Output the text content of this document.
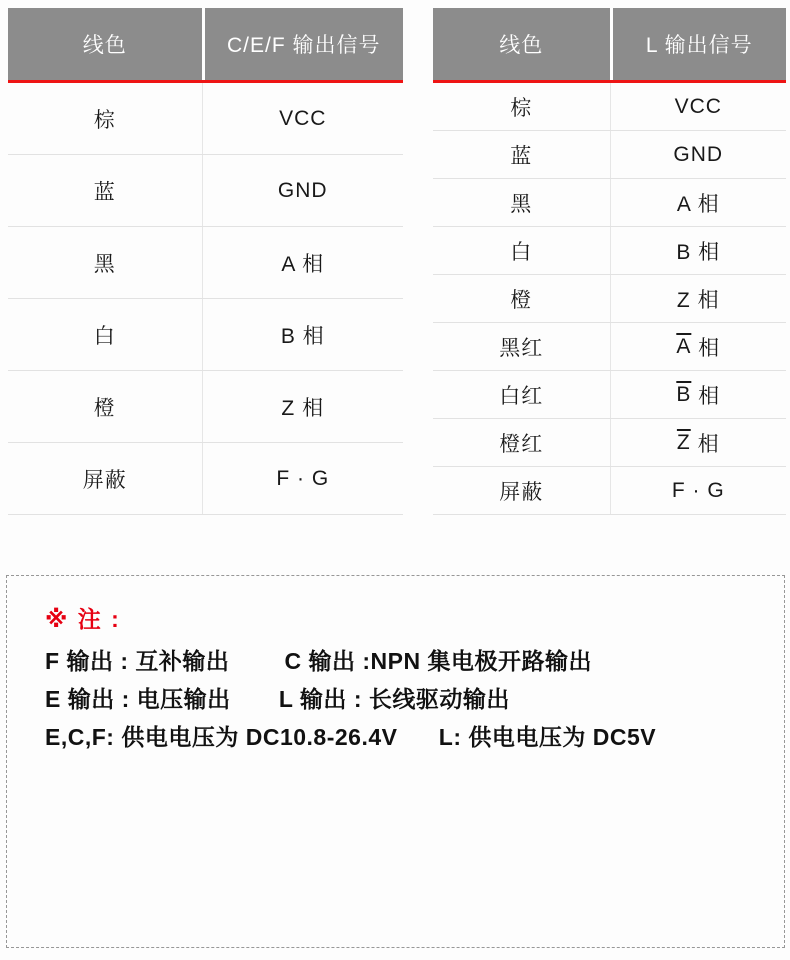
线色	C/E/F 输出信号
棕	VCC
蓝	GND
黑	A 相
白	B 相
橙	Z 相
屏蔽	F · G
线色	L 输出信号
棕	VCC
蓝	GND
黑	A 相
白	B 相
橙	Z 相
黑红	$\overline{A}$ 相
白红	$\overline{B}$ 相
橙红	$\overline{Z}$ 相
屏蔽	F · G
※ 注 :
F 输出 : 互补输出        C 输出 :NPN 集电极开路输出
E 输出 : 电压输出       L 输出 : 长线驱动输出
E,C,F: 供电电压为 DC10.8-26.4V      L: 供电电压为 DC5V
